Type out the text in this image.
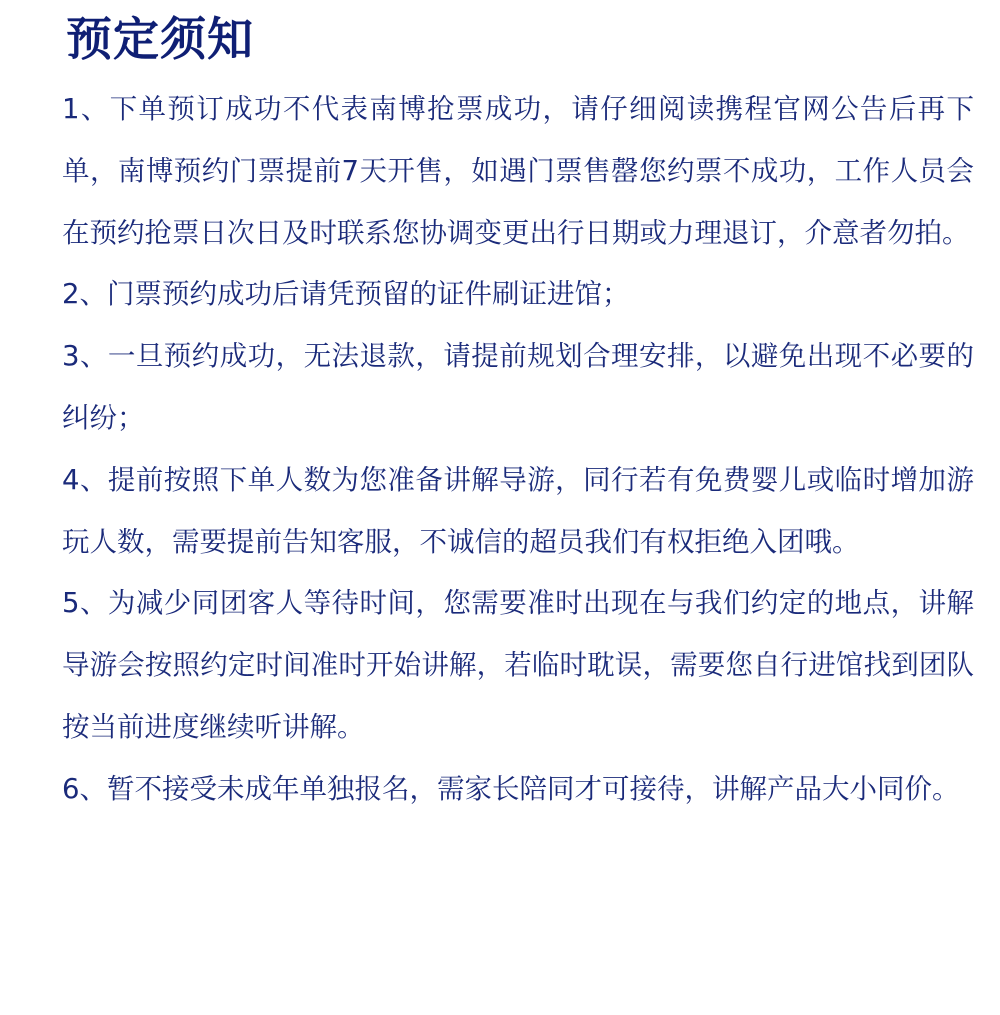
预定须知
1、下单预订成功不代表南博抢票成功，请仔细阅读携程官网公告后再下单，南博预约门票提前7天开售，如遇门票售罄您约票不成功，工作人员会在预约抢票日次日及时联系您协调变更出行日期或力理退订，介意者勿拍。
2、门票预约成功后请凭预留的证件刷证进馆；
3、一旦预约成功，无法退款，请提前规划合理安排，以避免出现不必要的纠纷；
4、提前按照下单人数为您准备讲解导游，同行若有免费婴儿或临时增加游玩人数，需要提前告知客服，不诚信的超员我们有权拒绝入团哦。
5、为减少同团客人等待时间，您需要准时出现在与我们约定的地点，讲解导游会按照约定时间准时开始讲解，若临时耽误，需要您自行进馆找到团队按当前进度继续听讲解。
6、暂不接受未成年单独报名，需家长陪同才可接待，讲解产品大小同价。
